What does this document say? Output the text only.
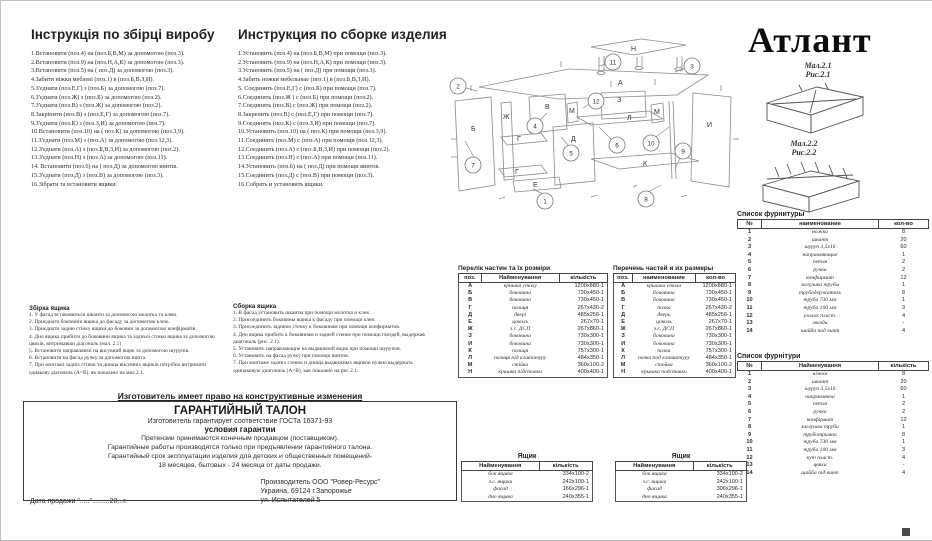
Інструкція по збірці виробу
1.Встановити (поз.4) на (поз.Б,В,М) за допомогою (поз.3).
2.Встановити (поз.9) на (поз.Н,А,К) за допомогою (поз.3).
3.Встановити (поз.5) на ( поз.Д) за допомогою (поз.3).
4.Забити ніжки меблеві (поз.1) в (поз.Б,В,З,И).
5.З'єднати (поз.Е,Г) з (поз.Б) за допомогою (поз.7).
6.З'єднати (поз.Ж) з (поз.Б) за допомогою (поз.2).
7.З'єднати (поз.В) з (поз.Ж) за допомогою (поз.2).
8.Закріпити (поз.В) з (поз.Е,Г) за допомогою (поз.7).
9.З'єднати (поз.К) з (поз.З,И) за допомогою (поз.7).
10.Встановити (поз.10) на ( поз.К) за допомогою (поз.3,9).
11.З'єднати (поз.М) з (поз.А) за допомогою (поз.12,3).
12.З'єднати (поз.А) з (поз.Б,В,З,И) за допомогою (поз.2).
13.З'єднати (поз.Н) з (поз.А) за допомогою (поз.11).
14. Встановити (поз.6) на ( поз.Д) за допомогою винтів.
15.З'єднати (поз.Д) з (поз.В) за допомогою (поз.3).
16.Зібрати та встановити ящики.
Инструкция по сборке изделия
1.Установить (поз.4) на (поз.Б,В,М) при помощи (поз.3).
2.Установить (поз.9) на (поз.Н,А,К) при помощи (поз.3).
3.Установить (поз.5) на ( поз.Д) при помощи (поз.3).
4.Забить ножки мебельные (поз.1) в (поз.Б,В,З,И).
5. Соединить (поз.Е,Г) с (поз.Б) при помощи (поз.7).
6.Соединить (поз.Ж ) с (поз.Б) при помощи (поз.2).
7.Соединить (поз.В) с (поз.Ж) при помощи (поз.2).
8.Закрепить (поз.В) с (поз.Е,Г) при помощи (поз.7).
9.Соединить (поз.К) с (поз.З,И) при помощи (поз.7).
10.Установить (поз.10) на ( поз.К) при помощи (поз.3,9).
11.Соединить (поз.М) с (поз.А) при помощи (поз.12,3).
12.Соединить (поз.А) с (поз.Б,В,З,И) при помощи (поз.2).
13.Соединить (поз.Н) с (поз.А) при помощи (поз.11).
14.Установить (поз.6) на ( поз.Д) при помощи винтов.
15.Соединить (поз.Д) с (поз.В) при помощи (поз.3).
16.Собрать и установить ящики.
Атлант
Н
А
Б
Ж
В
М
З
Л
М
И
Г	Д
Г
Е
К
1
2
3
4
5
6
7
8
9
10
11
12
Мал.2.1
Рис.2.1
Мал.2.2
Рис.2.2
Список фурнитуры
№	наименование	кол-во
1	ножка	8
2	шкант	20
3	шуруп 3,5х16	60
4	направляющие	1
5	петля	2
6	ручка	2
7	конфирмат	12
8	заглушка трубы	1
9	трубодержатель	8
10	труба 730 мм	1
11	труба 100 мм	3
12	уголок пласт.	4
13	гвозди	-
14	шайба под винт	4
Список фурнітури
№	Найменування	кількість
1	ніжка	8
2	шкант	20
3	шуруп 3,5х16	60
4	направляючі	1
5	петля	2
6	ручка	2
7	конфірмат	12
8	заглушка труби	1
9	труботримач	8
10	труба 730 мм	1
11	труба 100 мм	3
12	кут пласт.	4
13	цвяхи	-
14	шайба під винт	4
Перелік частин та їх розміри
поз.	Найменування	кількість
А	кришка столу	1200х880-1
Б	боковина	730х450-1
В	боковина	730х450-1
Г	полиця	267х430-2
Д	дверi	485х256-1
Е	цоколь	267х70-1
Ж	з.с. ДСП	267х860-1
З	боковина	730х300-1
И	боковина	730х300-1
К	полиця	757х300-1
Л	полиця під клавіатуру	484х350-1
М	стійка	360х100-2
Н	кришка підставки	400х400-1
Перечень частей и их размеры
поз.	наименование	кол-во
А	крышка стола	1200х880-1
Б	боковина	730х450-1
В	боковина	730х450-1
Г	полка	267х430-2
Д	дверь	485х256-1
Е	цоколь	267х70-1
Ж	з.с. ДСП	267х860-1
З	боковина	730х300-1
И	боковина	730х300-1
К	полка	757х300-1
Л	полка под клавиатуру	484х350-1
М	стойка	360х100-2
Н	крышка подставки	400х400-1
Збірка ящика
1. У фасад вставляються шканти за допомогою молотка та клею.
2. Приєднати боковини ящика до фасаду за допомогою клею.
3. Приєднати задню стінку ящика до боковин за допомогою конфірматів.
4. Дно ящика прибити до боковини ящика та задньої стінки ящика за допомогою цвяхів, витримавши діагональ (мал. 2.1)
5. Встановити направляючі на висувний ящик за допомогою шурупів.
6. Встановити на фасад ручку за допомогою винта.
7. При монтажі задніх стінок та днища висувних ящиків потрібно витримати однакову діагональ (А=В), як показано на мал.2.1.
Сборка ящика
1. В фасад установить шканты при помощи молотка и клея.
2. Присоединить боковины ящика к фасаду при помощи клея.
3. Присоединить заднюю стенку к боковинам при помощи конфирматов.
4. Дно ящика прибить к боковинам и задней стенке при помощи гвоздей, выдержав диагональ (рис. 2.1).
5. Установить направляющие на выдвижной ящик при помощи шурупов.
6. Установить на фасад ручку при помощи винтов.
7. При монтаже задних стенок и днища выдвижных ящиков нужно выдержать одинаковую диагональ (А=В), как показано на рис.2.1.
Изготовитель имеет право на конструктивные изменения
ГАРАНТИЙНЫЙ ТАЛОН
Изготовитель гарантирует соответствие ГОСТа 16371-93
условия гарантии
Претензии принимаются конечным продавцом (поставщиком).
Гарантийные работы производятся только при предъявлении гарантийного талона.
Гарантийный срок эксплуатации изделия для детских и общественных помещений-
18 месяцев, бытовых - 24 месяца от даты продажи.
Дата продажи ".....".........20...г.
Производитель ООО "Ровер-Ресурс"
Украина, 69124 г.Запорожье
ул. Испытателей 5
Ящик
Найменування	кількість
бок ящика	334х100-2
з.с. ящика	242х100-1
фасад	166х296-1
дно ящика	240х355-1
Ящик
Найменування	кількість
бок ящика	334х100-2
з.с. ящика	242х100-1
фасад	306х296-1
дно ящика	240х355-1
